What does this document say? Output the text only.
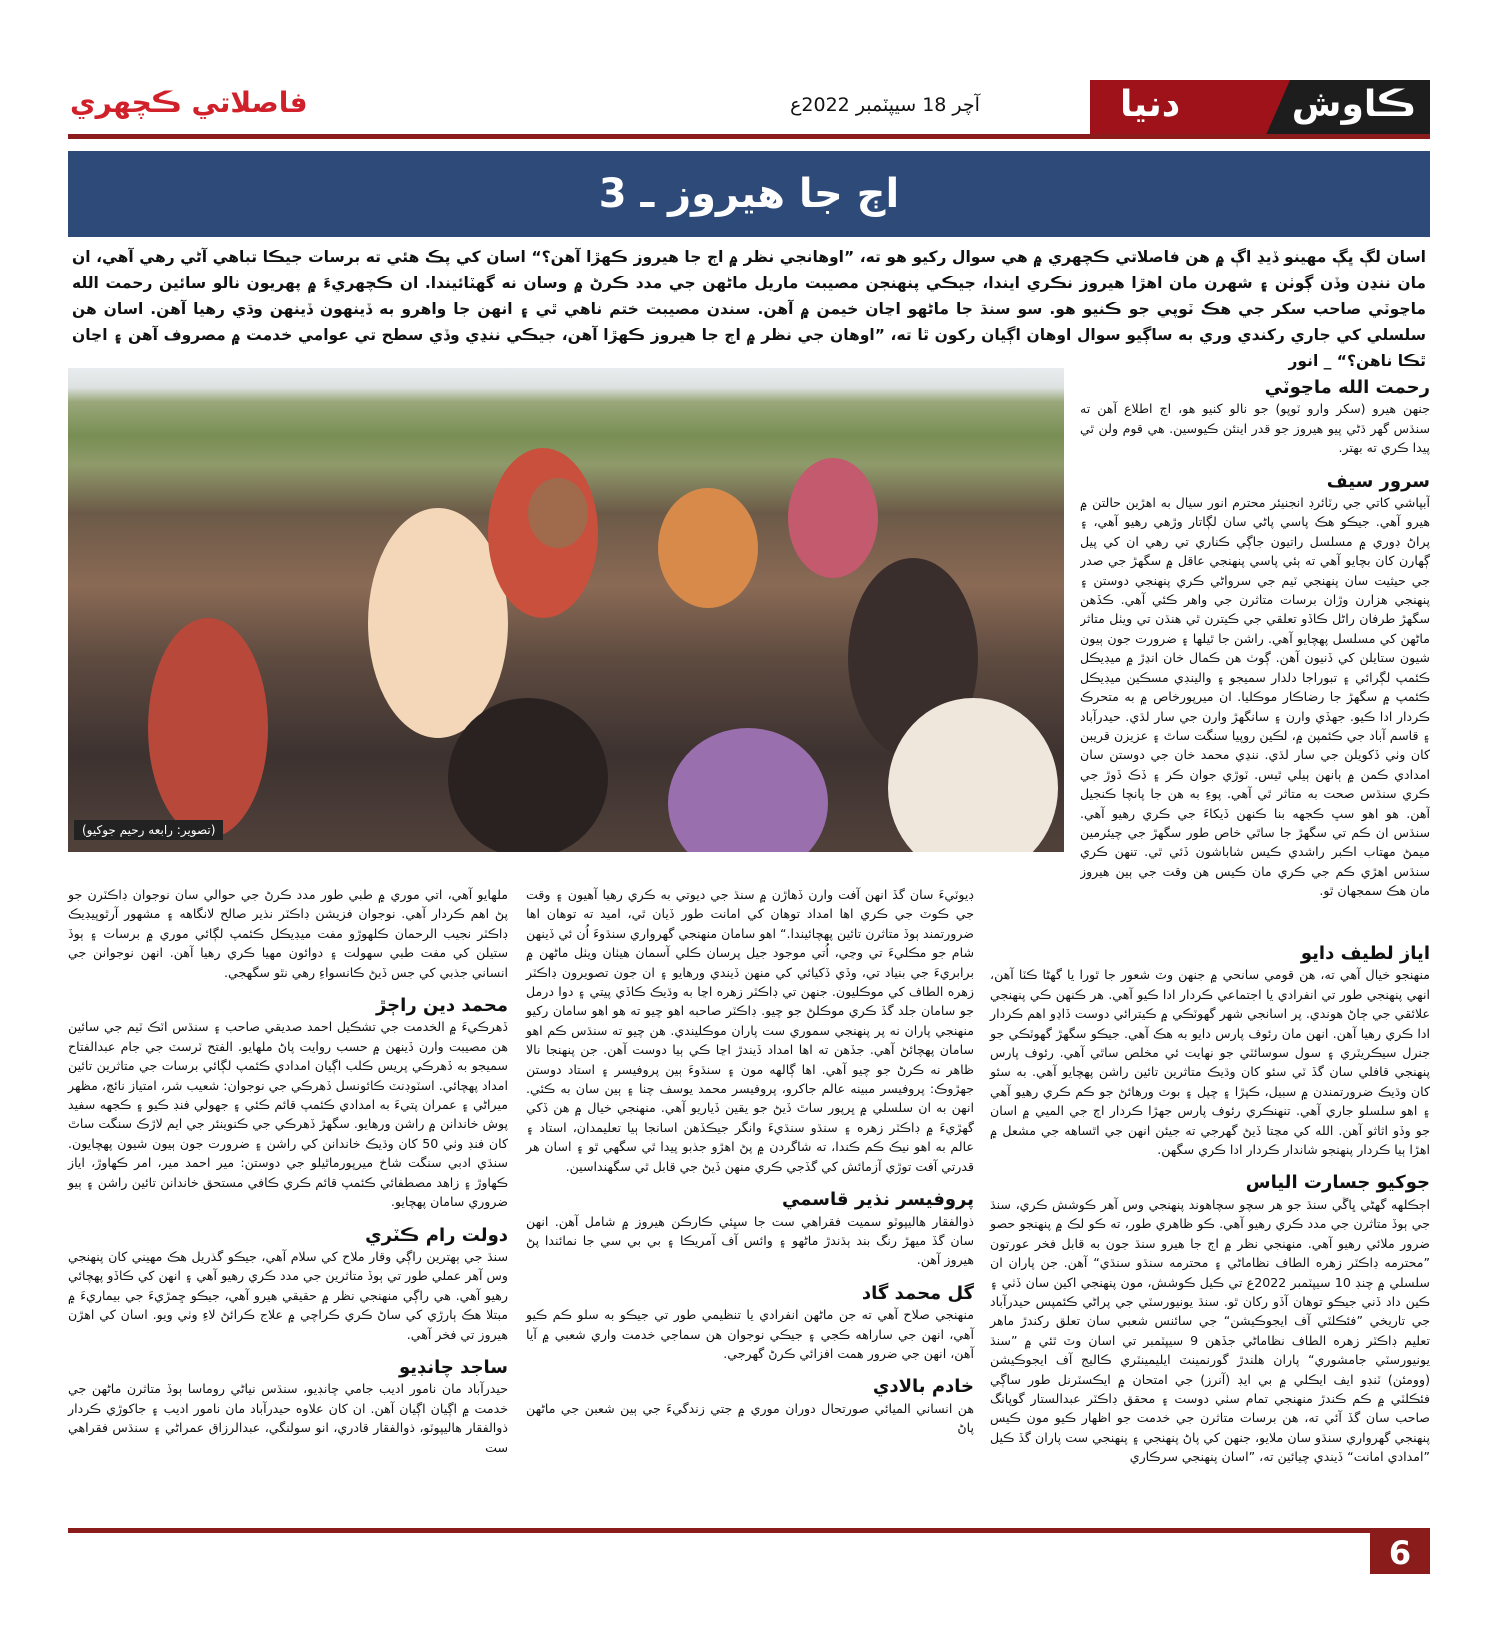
ڪاوش
دنيا
آچر 18 سيپٽمبر 2022ع
فاصلاتي ڪچهري
اڄ جا هيروز ـ 3
اسان لڳ ڀڳ مهينو ڏيڍ اڳ ۾ هن فاصلاتي ڪچهري ۾ هي سوال رکيو هو ته، ”اوهانجي نظر ۾ اڄ جا هيروز ڪهڙا آهن؟“ اسان کي پڪ هئي ته برسات جيڪا تباهي آڻي رهي آهي، ان مان ننڍن وڏن ڳوٺن ۽ شهرن مان اهڙا هيروز نڪري ايندا، جيڪي پنهنجن مصيبت ماريل ماڻهن جي مدد ڪرڻ ۾ وسان نه گهٽائيندا. ان ڪچهريءَ ۾ پهريون نالو سائين رحمت الله ماڃوٽي صاحب سکر جي هڪ ٽوپي جو ڪنيو هو. سو سنڌ جا ماڻهو اڃان خيمن ۾ آهن. سندن مصيبت ختم ناهي ٿي ۽ انهن جا واهرو به ڏينهون ڏينهن وڌي رهيا آهن. اسان هن سلسلي کي جاري رکندي وري به ساڳيو سوال اوهان اڳيان رکون ٿا ته، ”اوهان جي نظر ۾ اڄ جا هيروز ڪهڙا آهن، جيڪي ننڍي وڏي سطح تي عوامي خدمت ۾ مصروف آهن ۽ اڃان ٿڪا ناهن؟“ _ انور
(تصوير: رابعه رحيم جوکيو)
رحمت الله ماڃوٽي

جنهن هيرو (سکر وارو ٽوپو) جو نالو کنيو هو، اڄ اطلاع آهن ته سنڌس گهر ڌڻي پيو هيروز جو قدر اينئن ڪيوسين. هي قوم ولن ٿي پيدا ڪري ته بهتر.

سرور سيف

آبپاشي کاتي جي رٽائرڊ انجنيئر محترم انور سيال به اهڙين حالتن ۾ هيرو آهي. جيڪو هڪ پاسي پاڻي سان لڳاتار وڙهي رهيو آهي، ۽ پراڻ ڊوري ۾ مسلسل راتيون جاڳي ڪناري تي رهي ان کي پيل ڳهارن کان بچايو آهي ته ٻئي پاسي پنهنجي عاقل ۾ سگهڙ جي صدر جي حيثيت سان پنهنجي ٽيم جي سرواڻي ڪري پنهنجي دوستن ۽ پنهنجي هزارن وڙان برسات متاثرن جي واهر ڪئي آهي. ڪڏهن سگهڙ طرفان راڻل ڪاڏو تعلقي جي ڪيترن ٿي هنڌن تي ويٺل متاثر ماڻهن کي مسلسل پهچايو آهي. راشن جا ٿيلها ۽ ضرورت جون ٻيون شيون ستايلن کي ڏنيون آهن. ڳوٺ هن ڪمال خان انڍڙ ۾ ميڊيڪل ڪئمپ لڳرائي ۽ تبوراجا دلدار سميجو ۽ والينڊي مسڪين ميڊيڪل ڪئمپ ۾ سگهڙ جا رضاڪار موڪليا. ان ميرپورخاص ۾ به متحرڪ ڪردار ادا ڪيو. جهڏي وارن ۽ سانگهڙ وارن جي سار لڌي. حيدرآباد ۽ قاسم آباد جي ڪئمپن ۾، لڪين روپيا سنگت ساٿ ۽ عزيزن قريبن کان وٺي ڏکويلن جي سار لڌي. ننڍي محمد خان جي دوستن سان امدادي ڪمن ۾ ٻانهن ٻيلي ٿيس. ٽوڙي جوان ڪر ۽ ڏڪ ڏوڙ جي ڪري سنڌس صحت به متاثر ٿي آهي. پوءِ به هن جا پانچا ڪنجيل آهن. هو اهو سڀ ڪجهه بنا ڪنهن ڏيکاءَ جي ڪري رهيو آهي. سنڌس ان ڪم تي سگهڙ جا ساٿي خاص طور سگهڙ جي چيئرمين ميمڻ مهتاب اڪبر راشدي ڪيس شاباشون ڏئي ٿي. تنهن ڪري سنڌس اهڙي ڪم جي ڪري مان ڪيس هن وقت جي ٻين هيروز مان هڪ سمجهان ٿو.

اياز لطيف دايو

منهنجو خيال آهي ته، هن قومي سانحي ۾ جنهن وٽ شعور جا ٿورا يا گهڻا ڪٽا آهن، انهي پنهنجي طور تي انفرادي يا اجتماعي ڪردار ادا ڪيو آهي. هر ڪنهن ڪي پنهنجي علائقي جي ڄاڻ هوندي. پر اسانجي شهر گهوٽڪي ۾ ڪيترائي دوست ڏاڍو اهم ڪردار ادا ڪري رهيا آهن. انهن مان رئوف پارس دايو به هڪ آهي. جيڪو سگهڙ گهوٽڪي جو جنرل سيڪريٽري ۽ سول سوسائٽي جو نهايت ئي مخلص ساٿي آهي. رئوف پارس پنهنجي قافلي سان گڏ ٽي سئو کان وڌيڪ متاثرين تائين راشن پهچايو آهي. به سئو کان وڌيڪ ضرورتمندن ۾ سبيل، ڪپڙا ۽ چپل ۽ بوٽ ورهائڻ جو ڪم ڪري رهيو آهي ۽ اهو سلسلو جاري آهي. تنهنڪري رئوف پارس جهڙا ڪردار اڄ جي الميي ۾ اسان جو وڏو اثاثو آهن. الله کي مڃتا ڏيڻ گهرجي ته جيئن انهن جي اٿساهه جي مشعل ۾ اهڙا ٻيا ڪردار پنهنجو شاندار ڪردار ادا ڪري سگهن.

جوکيو جسارت الياس

اڄڪلهه گهڻي ڀاڱي سنڌ جو هر سچو سچاهوند پنهنجي وس آهر ڪوشش ڪري، سنڌ جي ٻوڏ متاثرن جي مدد ڪري رهيو آهي. ڪو ظاهري طور، ته ڪو لڪ ۾ پنهنجو حصو ضرور ملائي رهيو آهي. منهنجي نظر ۾ اڄ جا هيرو سنڌ جون به قابل فخر عورتون ”محترمه ڊاڪٽر زهره الطاف نظاماڻي ۽ محترمه سنڌو سنڌي“ آهن. جن پاران ان سلسلي ۾ چنڊ 10 سيپٽمبر 2022ع تي ڪيل ڪوشش، مون پنهنجي اکين سان ڏٺي ۽ ڪين داد ڏني جيڪو توهان آڏو رکان ٿو. سنڌ يونيورسٽي جي پراڻي ڪئمپس حيدرآباد جي تاريخي ”فئڪلٽي آف ايجوڪيشن“ جي سائنس شعبي سان تعلق رکندڙ ماهر تعليم ڊاڪٽر زهره الطاف نظاماڻي جڏهن 9 سيپٽمبر تي اسان وٽ ٿئي ۾ ”سنڌ يونيورسٽي جامشوري“ پاران هلندڙ گورنمينٽ ايليمينٽري ڪاليج آف ايجوڪيشن (وومئن) ٽنڊو ايف ايڪلي ۾ بي ايڊ (آنرز) جي امتحان ۾ ايڪسٽرنل طور ساڳي فئڪلٽي ۾ ڪم ڪندڙ منهنجي تمام سٺي دوست ۽ محقق ڊاڪٽر عبدالستار گوپانگ صاحب سان گڏ آئي ته، هن برسات متاثرن جي خدمت جو اظهار ڪيو مون ڪيس پنهنجي گهرواري سنڌو سان ملايو، جنهن کي پاڻ پنهنجي ۽ پنهنجي ست پاران گڏ ڪيل ”امدادي امانت“ ڏيندي چيائين ته، ”اسان پنهنجي سرڪاري

ڊيوٽيءَ سان گڏ انهن آفت وارن ڏهاڙن ۾ سنڌ جي ديوتي به ڪري رهيا آهيون ۽ وقت جي ڪوٽ جي ڪري اها امداد توهان کي امانت طور ڏيان ٿي، اميد ته توهان اها ضرورتمند ٻوڏ متاثرن تائين پهچائيندا.“ اهو سامان منهنجي گهرواري سنڌوءَ اُن ئي ڏينهن شام جو مڪليءَ تي وڃي، اُتي موجود جيل پرسان ڪلي آسمان هيٺان ويٺل ماڻهن ۾ برابريءَ جي بنياد تي، وڏي ڏکيائي کي منهن ڏيندي ورهايو ۽ ان جون تصويرون ڊاڪٽر زهره الطاف کي موڪليون. جنهن تي ڊاڪٽر زهره اڃا به وڌيڪ ڪاڏي پيتي ۽ دوا درمل جو سامان جلد گڏ ڪري موڪلڻ جو چيو. ڊاڪٽر صاحبه اهو چيو ته هو اهو سامان رکيو منهنجي پاران نه پر پنهنجي سموري ست پاران موڪليندي. هن چيو ته سنڌس ڪم اهو سامان پهچائڻ آهي. جڏهن ته اها امداد ڏيندڙ اڃا ڪي ٻيا دوست آهن. جن پنهنجا نالا ظاهر نه ڪرڻ جو چيو آهي. اها ڳالهه مون ۽ سنڌوءَ ٻين پروفيسر ۽ استاد دوستن جهڙوڪ: پروفيسر مبينه عالم جاکرو، پروفيسر محمد يوسف چنا ۽ ٻين سان به ڪئي. انهن به ان سلسلي ۾ ڀرپور ساٿ ڏيڻ جو يقين ڏياريو آهي. منهنجي خيال ۾ هن ڏکي گهڙيءَ ۾ ڊاڪٽر زهره ۽ سنڌو سنڌيءَ وانگر جيڪڏهن اسانجا ٻيا تعليمدان، استاد ۽ عالم به اهو نيڪ ڪم ڪندا، ته شاگردن ۾ پڻ اهڙو جذبو پيدا ٿي سگهي ٿو ۽ اسان هر قدرتي آفت توڙي آزمائش کي گڏجي ڪري منهن ڏيڻ جي قابل ٿي سگهنداسين.

پروفيسر نذير قاسمي

ذوالفقار هاليپوٽو سميت فقراهي ست جا سڀئي ڪارڪن هيروز ۾ شامل آهن. انهن سان گڏ ميهڙ رنگ بند ٻڌندڙ ماڻهو ۽ وائس آف آمريڪا ۽ بي بي سي جا نمائندا پڻ هيروز آهن.

گل محمد گاد

منهنجي صلاح آهي ته جن ماڻهن انفرادي يا تنظيمي طور تي جيڪو به سلو ڪم ڪيو آهي، انهن جي ساراهه ڪجي ۽ جيڪي نوجوان هن سماجي خدمت واري شعبي ۾ آيا آهن، انهن جي ضرور همت افزائي ڪرڻ گهرجي.

خادم بالادي

هن انساني الميائي صورتحال دوران موري ۾ جتي زندگيءَ جي ٻين شعبن جي ماڻهن پاڻ

ملهايو آهي، اتي موري ۾ طبي طور مدد ڪرڻ جي حوالي سان نوجوان ڊاڪٽرن جو پڻ اهم ڪردار آهي. نوجوان فزيشن ڊاڪٽر نذير صالح لانگاهه ۽ مشهور آرٿوپيڊيڪ ڊاڪٽر نجيب الرحمان ڪلهوڙو مفت ميڊيڪل ڪئمپ لڳائي موري ۾ برسات ۽ ٻوڏ ستيلن کي مفت طبي سهولت ۽ دوائون مهيا ڪري رهيا آهن. انهن نوجوانن جي انساني جذبي کي جس ڏيڻ ڪانسواءِ رهي نٿو سگهجي.

محمد دين راڄڙ

ڏهرڪيءَ ۾ الخدمت جي تشڪيل احمد صديقي صاحب ۽ سنڌس اٽڪ ٽيم جي سائين هن مصيبت وارن ڏينهن ۾ حسب روايت پاڻ ملهايو. الفتح ٽرسٽ جي جام عبدالفتاح سميجو به ڏهرڪي پريس ڪلب اڳيان امدادي ڪئمپ لڳائي برسات جي متاثرين تائين امداد پهچائي. اسٽوڊنٽ ڪائونسل ڏهرڪي جي نوجوان: شعيب شر، امتياز نائچ، مظهر ميراڻي ۽ عمران پتيءَ به امدادي ڪئمپ قائم ڪئي ۽ جهولي فنڊ ڪيو ۽ ڪجهه سفيد پوش خاندانن ۾ راشن ورهايو. سگهڙ ڏهرڪي جي ڪنوينئر جي ايم لاڙڪ سنگت ساٿ کان فنڊ وٺي 50 کان وڌيڪ خاندانن کي راشن ۽ ضرورت جون ٻيون شيون پهچايون. سنڌي ادبي سنگت شاخ ميرپورماٿيلو جي دوستن: مير احمد مير، امر ڪهاوڙ، اياز ڪهاوڙ ۽ زاهد مصطفائي ڪئمپ قائم ڪري ڪافي مستحق خاندانن تائين راشن ۽ ٻيو ضروري سامان پهچايو.

دولت رام ڪٽري

سنڌ جي ٻهترين راڳي وقار ملاح کي سلام آهي، جيڪو گذريل هڪ مهيني کان پنهنجي وس آهر عملي طور تي ٻوڏ متاثرين جي مدد ڪري رهيو آهي ۽ انهن کي ڪاڏو پهچائي رهيو آهي. هي راڳي منهنجي نظر ۾ حقيقي هيرو آهي، جيڪو ڇمڙيءَ جي بيماريءَ ۾ مبتلا هڪ ٻارڙي کي ساڻ ڪري ڪراچي ۾ علاج ڪرائڻ لاءِ وٺي ويو. اسان کي اهڙن هيروز تي فخر آهي.

ساجد چانڊيو

حيدرآباد مان نامور اديب جامي چانڊيو، سنڌس نياڻي روماسا ٻوڏ متاثرن ماڻهن جي خدمت ۾ اڳيان اڳيان آهن. ان کان علاوه حيدرآباد مان نامور اديب ۽ جاکوڙي ڪردار ذوالفقار هاليپوٽو، ذوالفقار قادري، انو سولنگي، عبدالرزاق عمراڻي ۽ سنڌس فقراهي ست

6
